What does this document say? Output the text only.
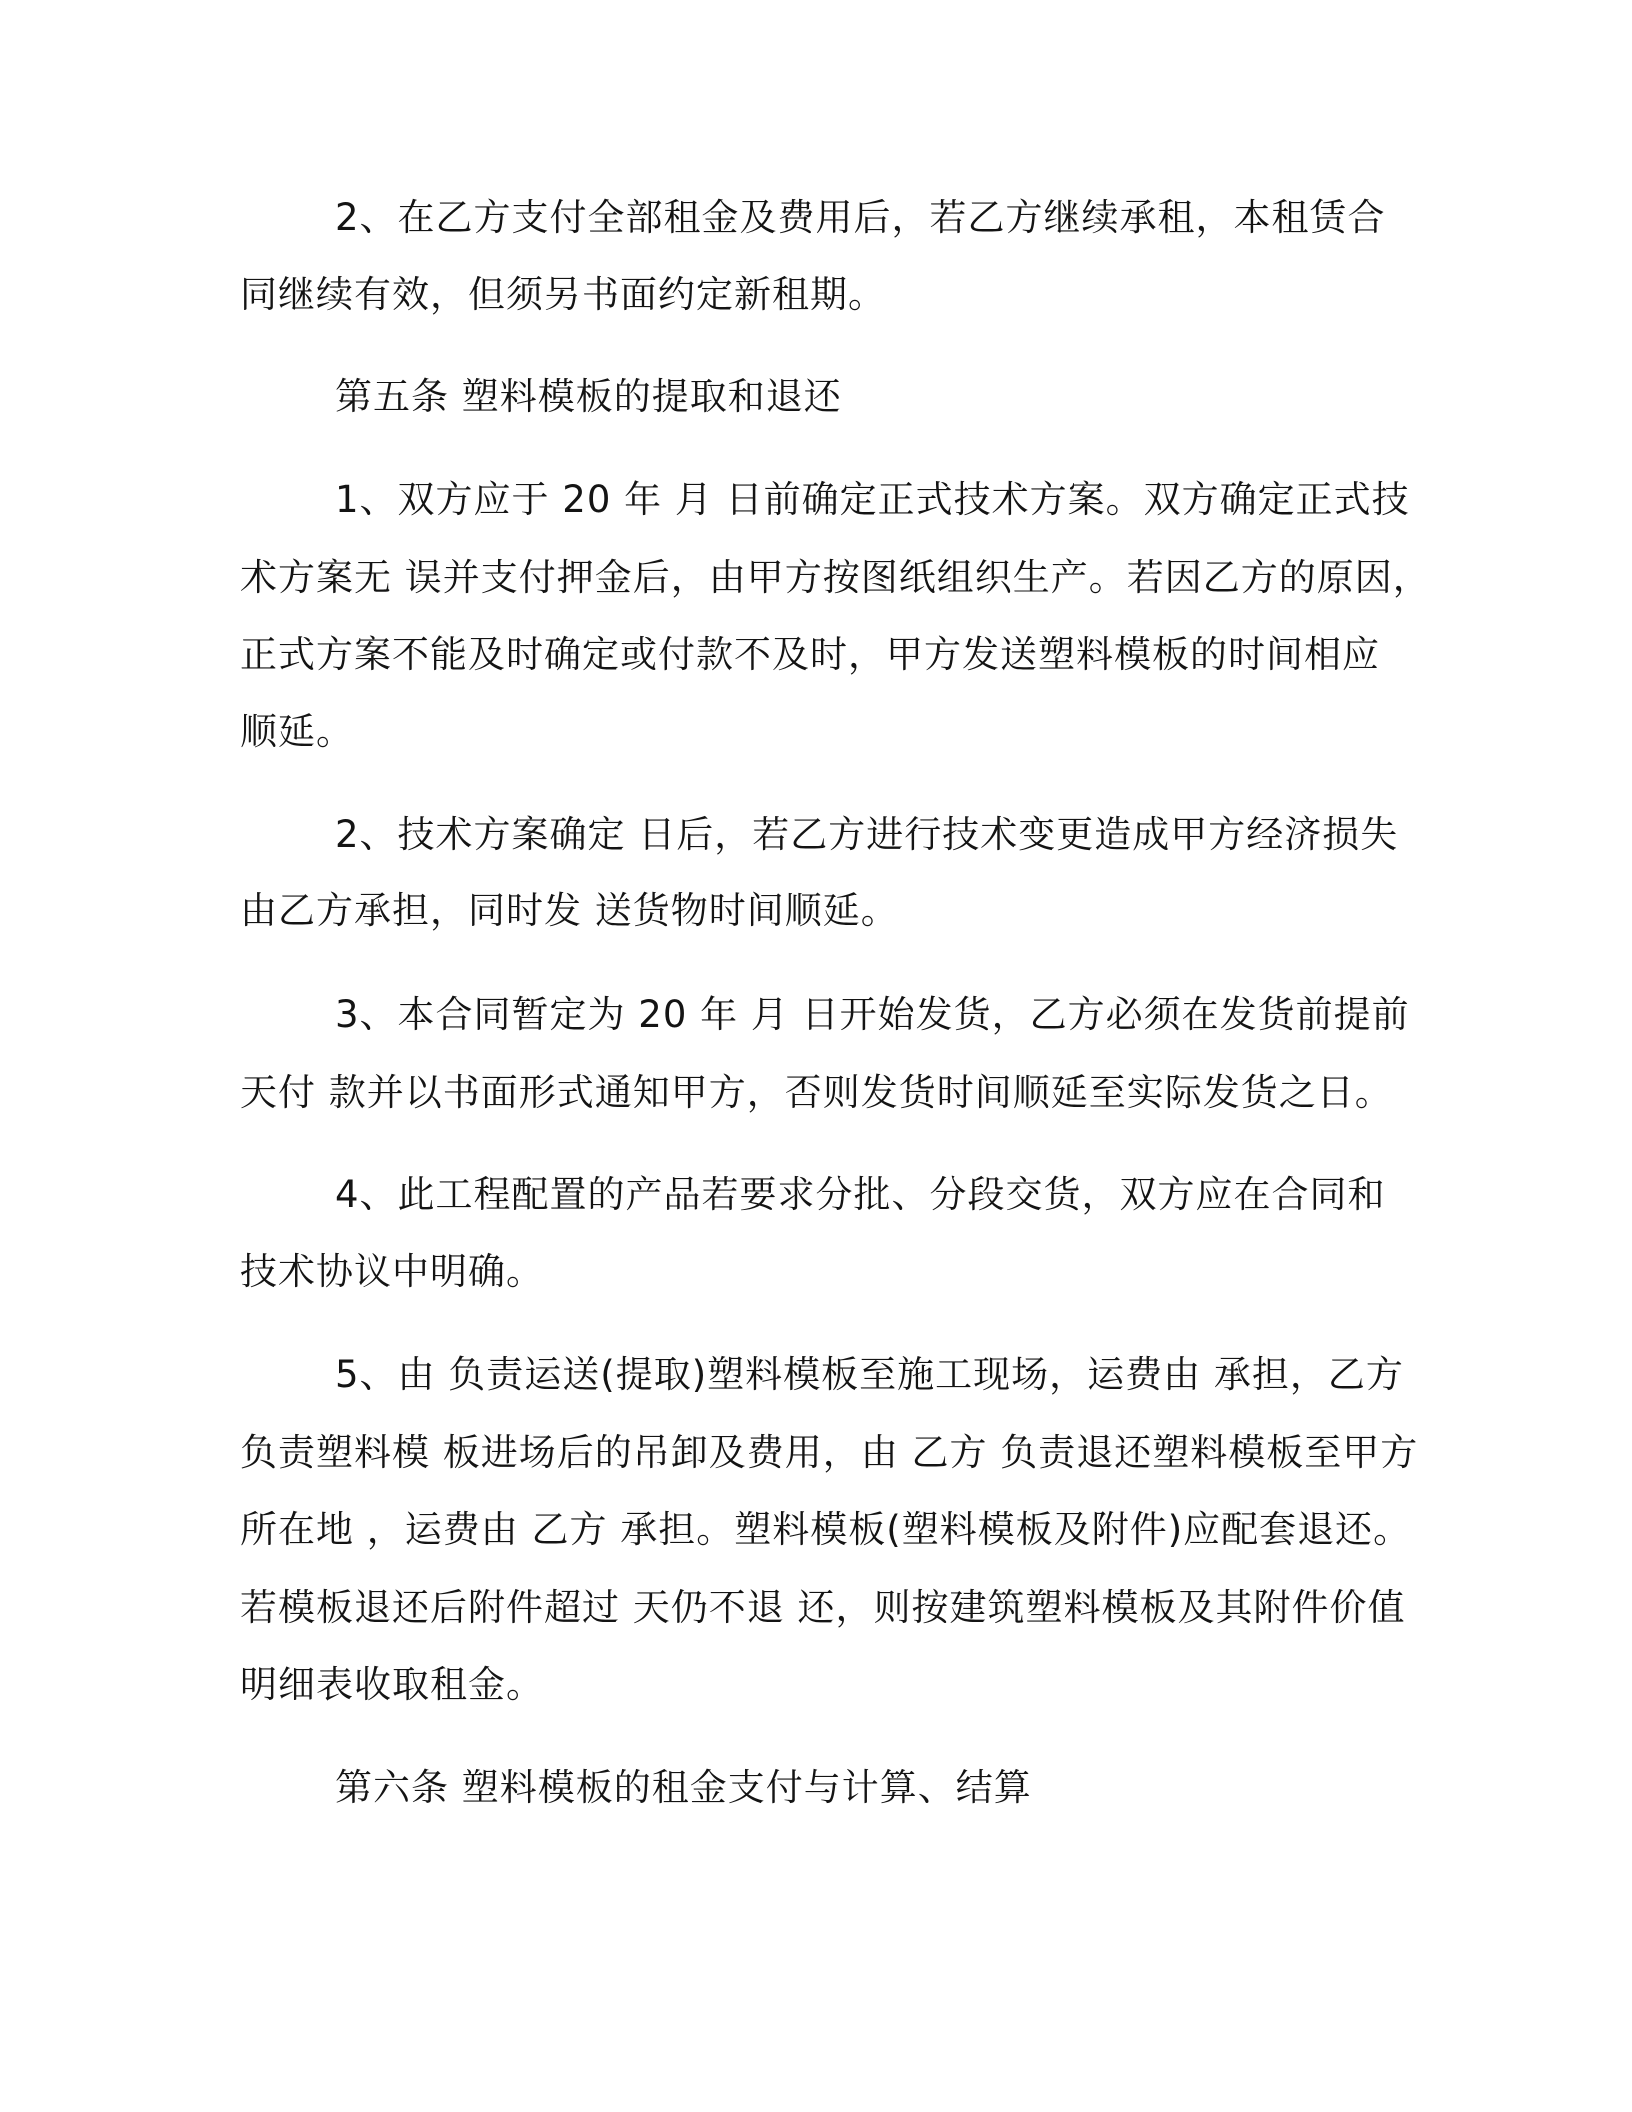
2、在乙方支付全部租金及费用后，若乙方继续承租，本租赁合
同继续有效，但须另书面约定新租期。
第五条 塑料模板的提取和退还
1、双方应于 20 年 月 日前确定正式技术方案。双方确定正式技
术方案无 误并支付押金后，由甲方按图纸组织生产。若因乙方的原因，
正式方案不能及时确定或付款不及时，甲方发送塑料模板的时间相应
顺延。
2、技术方案确定 日后，若乙方进行技术变更造成甲方经济损失
由乙方承担，同时发 送货物时间顺延。
3、本合同暂定为 20 年 月 日开始发货，乙方必须在发货前提前
天付 款并以书面形式通知甲方，否则发货时间顺延至实际发货之日。
4、此工程配置的产品若要求分批、分段交货，双方应在合同和
技术协议中明确。
5、由 负责运送(提取)塑料模板至施工现场，运费由 承担，乙方
负责塑料模 板进场后的吊卸及费用，由 乙方 负责退还塑料模板至甲方
所在地 ，运费由 乙方 承担。塑料模板(塑料模板及附件)应配套退还。
若模板退还后附件超过 天仍不退 还，则按建筑塑料模板及其附件价值
明细表收取租金。
第六条 塑料模板的租金支付与计算、结算
